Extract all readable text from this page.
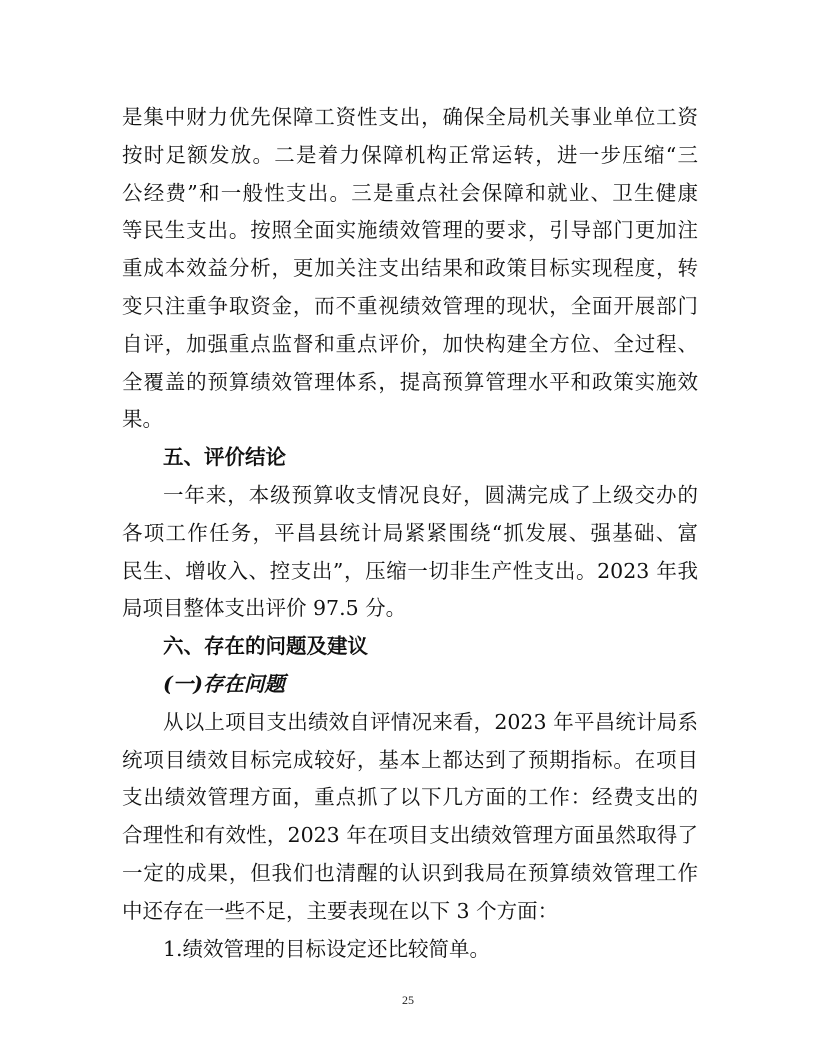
是集中财力优先保障工资性支出，确保全局机关事业单位工资
按时足额发放。二是着力保障机构正常运转，进一步压缩“三
公经费”和一般性支出。三是重点社会保障和就业、卫生健康
等民生支出。按照全面实施绩效管理的要求，引导部门更加注
重成本效益分析，更加关注支出结果和政策目标实现程度，转
变只注重争取资金，而不重视绩效管理的现状，全面开展部门
自评，加强重点监督和重点评价，加快构建全方位、全过程、
全覆盖的预算绩效管理体系，提高预算管理水平和政策实施效
果。
五、评价结论
一年来，本级预算收支情况良好，圆满完成了上级交办的
各项工作任务，平昌县统计局紧紧围绕“抓发展、强基础、富
民生、增收入、控支出”，压缩一切非生产性支出。2023 年我
局项目整体支出评价 97.5 分。
六、存在的问题及建议
(一)存在问题
从以上项目支出绩效自评情况来看，2023 年平昌统计局系
统项目绩效目标完成较好，基本上都达到了预期指标。在项目
支出绩效管理方面，重点抓了以下几方面的工作：经费支出的
合理性和有效性，2023 年在项目支出绩效管理方面虽然取得了
一定的成果，但我们也清醒的认识到我局在预算绩效管理工作
中还存在一些不足，主要表现在以下 3 个方面：
1.绩效管理的目标设定还比较简单。
25
